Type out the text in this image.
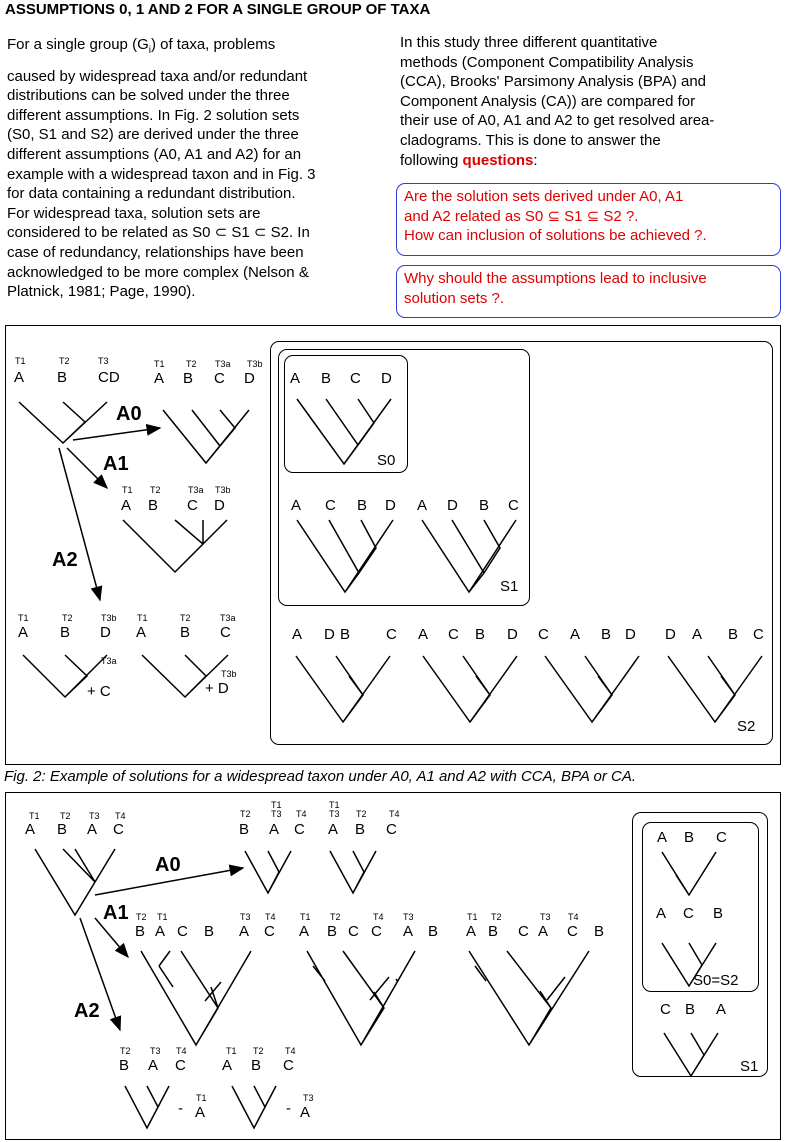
ASSUMPTIONS 0, 1 AND 2 FOR A SINGLE GROUP OF TAXA
For a single group $(G_i)$ of taxa, problems
caused by widespread taxa and/or redundant
distributions can be solved under the three
different assumptions. In Fig. 2 solution sets
(S0, S1 and S2) are derived under the three
different assumptions (A0, A1 and A2) for an
example with a widespread taxon and in Fig. 3
for data containing a redundant distribution.
For widespread taxa, solution sets are
considered to be related as S0 ⊂ S1 ⊂ S2. In
case of redundancy, relationships have been
acknowledged to be more complex (Nelson &
Platnick, 1981; Page, 1990).
In this study three different quantitative
methods (Component Compatibility Analysis
(CCA), Brooks' Parsimony Analysis (BPA) and
Component Analysis (CA)) are compared for
their use of A0, A1 and A2 to get resolved area-
cladograms. This is done to answer the
following questions:
Are the solution sets derived under A0, A1
and A2 related as S0 ⊆ S1 ⊆ S2 ?.
How can inclusion of solutions be achieved ?.
Why should the assumptions lead to inclusive
solution sets ?.
Fig. 2: Example of solutions for a widespread taxon under A0, A1 and A2 with CCA, BPA or CA.
A0
A1
A2
A0
A1
A2
T1	T2	T3
A B CD
T1 T2 T3a T3b
A B C D
T1 T2	T3a T3b
A B C D
T1	T2	T3b
A B D
T3a
+ C
T1	T2	T3a
A B C
T3b
+ D
A B C D
S0
A C B D A D B C
S1
A D B C A C B D C A B D D A B C
S2
T1 T2 T3 T4
A B A C
T2
T1
T3 T4
B A C
T1
T3 T2 T4
A B C
T2 T1	T3 T4
B A C B A C
T1 T2	T4 T3
A B C C A B
T1 T2	T3 T4
A B C A C B
T2 T3 T4
B A C
T1
- A
T1 T2 T4
A B C
T3
- A
A B C
A C B
S0=S2
C B A
S1
